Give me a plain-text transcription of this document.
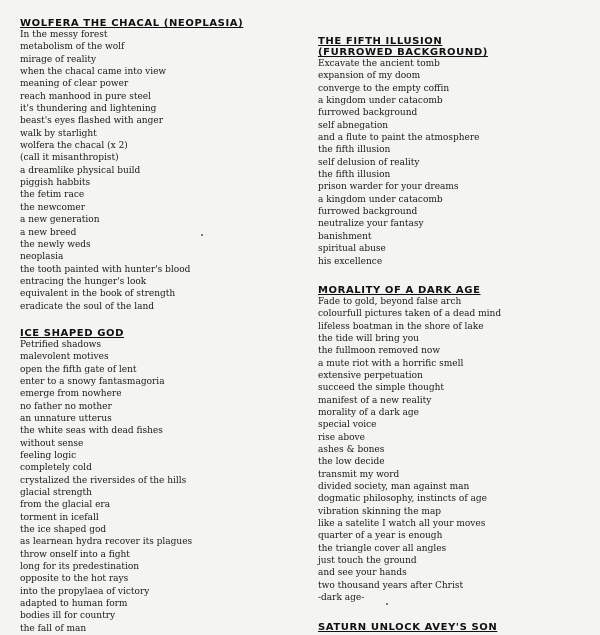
WOLFERA THE CHACAL (NEOPLASIA)
In the messy forest
metabolism of the wolf
mirage of reality
when the chacal came into view
meaning of clear power
reach manhood in pure steel
it's thundering and lightening
beast's eyes flashed with anger
walk by starlight
wolfera the chacal (x 2)
(call it misanthropist)
a dreamlike physical build
piggish habbits
the fetim race
the newcomer
a new generation
a new breed
the newly weds
neoplasia
the tooth painted with hunter's blood
entracing the hunger's look
equivalent in the book of strength
eradicate the soul of the land
ICE SHAPED GOD
Petrified shadows
malevolent motives
open the fifth gate of lent
enter to a snowy fantasmagoria
emerge from nowhere
no father no mother
an unnature utterus
the white seas with dead fishes
without sense
feeling logic
completely cold
crystalized the riversides of the hills
glacial strength
from the glacial era
torment in icefall
the ice shaped god
as learnean hydra recover its plagues
throw onself into a fight
long for its predestination
opposite to the hot rays
into the propylaea of victory
adapted to human form
bodies ill for country
the fall of man
THE FIFTH ILLUSION (FURROWED BACKGROUND)
Excavate the ancient tomb
expansion of my doom
converge to the empty coffin
a kingdom under catacomb
furrowed background
self abnegation
and a flute to paint the atmosphere
the fifth illusion
self delusion of reality
the fifth illusion
prison warder for your dreams
a kingdom under catacomb
furrowed background
neutralize your fantasy
banishment
spiritual abuse
his excellence
MORALITY OF A DARK AGE
Fade to gold, beyond false arch
colourfull pictures taken of a dead mind
lifeless boatman in the shore of lake
the tide will bring you
the fullmoon removed now
a mute riot with a horrific smell
extensive perpetuation
succeed the simple thought
manifest of a new reality
morality of a dark age
special voice
rise above
ashes & bones
the low decide
transmit my word
divided society, man against man
dogmatic philosophy, instincts of age
vibration skinning the map
like a satelite I watch all your moves
quarter of a year is enough
the triangle cover all angles
just touch the ground
and see your hands
two thousand years after Christ
-dark age-
SATURN UNLOCK AVEY'S SON
